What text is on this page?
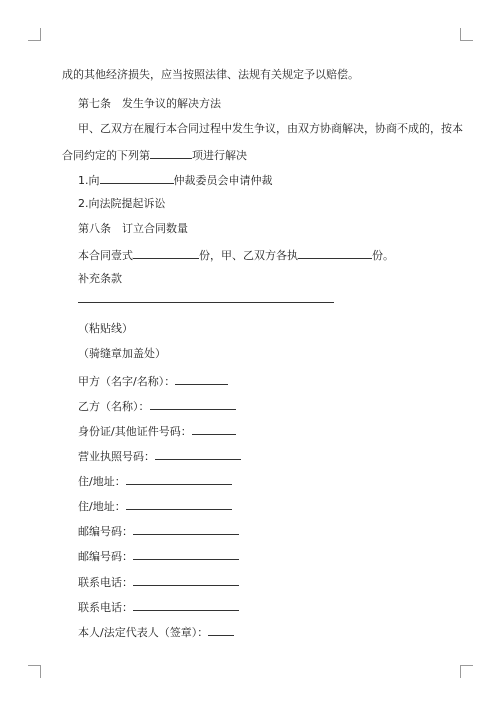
成的其他经济损失，应当按照法律、法规有关规定予以赔偿。
第七条　发生争议的解决方法
甲、乙双方在履行本合同过程中发生争议，由双方协商解决，协商不成的，按本
合同约定的下列第	项进行解决
1.向	仲裁委员会申请仲裁
2.向法院提起诉讼
第八条　订立合同数量
本合同壹式	份，甲、乙双方各执	份。
补充条款
（粘贴线）
（骑缝章加盖处）
甲方（名字/名称）：
乙方（名称）：
身份证/其他证件号码：
营业执照号码：
住/地址：
住/地址：
邮编号码：
邮编号码：
联系电话：
联系电话：
本人/法定代表人（签章）：
